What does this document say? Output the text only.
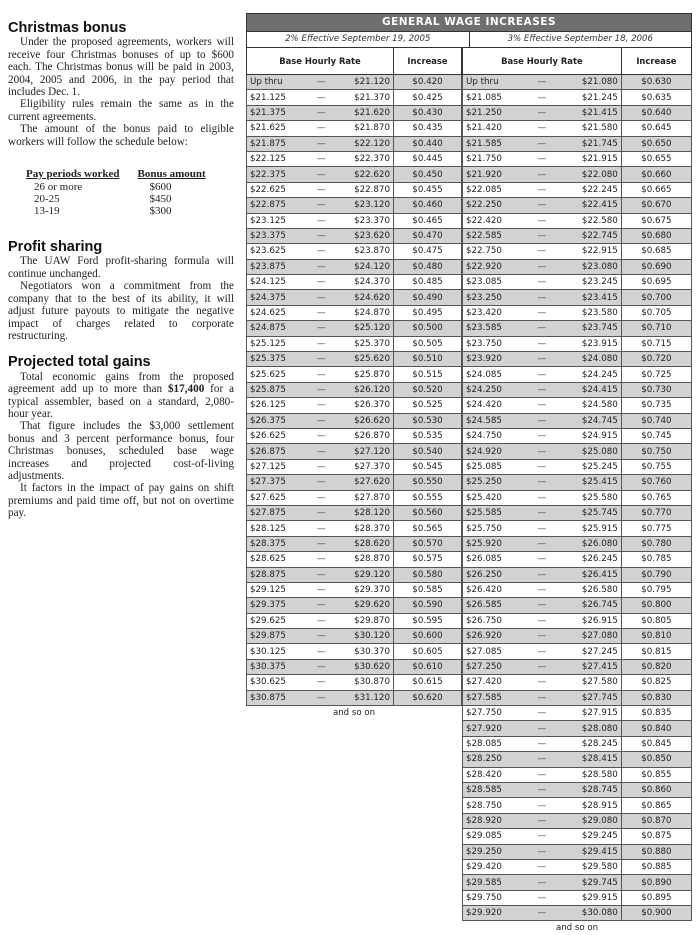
Christmas bonus

Under the proposed agreements, workers will receive four Christmas bonuses of up to $600 each. The Christmas bonus will be paid in 2003, 2004, 2005 and 2006, in the pay period that includes Dec. 1.

Eligibility rules remain the same as in the current agreements.

The amount of the bonus paid to eligible workers will follow the schedule below:

Pay periods worked	Bonus amount
26 or more	$600
20-25	$450
13-19	$300
Profit sharing

The UAW Ford profit-sharing formula will continue unchanged.

Negotiators won a commitment from the company that to the best of its ability, it will adjust future payouts to mitigate the negative impact of charges related to corporate restructuring.

Projected total gains

Total economic gains from the proposed agreement add up to more than $17,400 for a typical assembler, based on a standard, 2,080-hour year.

That figure includes the $3,000 settlement bonus and 3 percent performance bonus, four Christmas bonuses, scheduled base wage increases and projected cost-of-living adjustments.

It factors in the impact of pay gains on shift premiums and paid time off, but not on overtime pay.

GENERAL WAGE INCREASES
2% Effective September 19, 2005	3% Effective September 18, 2006
Base Hourly Rate			Increase
Up thru	—	$21.120	$0.420
$21.125	—	$21.370	$0.425
$21.375	—	$21.620	$0.430
$21.625	—	$21.870	$0.435
$21.875	—	$22.120	$0.440
$22.125	—	$22.370	$0.445
$22.375	—	$22.620	$0.450
$22.625	—	$22.870	$0.455
$22.875	—	$23.120	$0.460
$23.125	—	$23.370	$0.465
$23.375	—	$23.620	$0.470
$23.625	—	$23.870	$0.475
$23.875	—	$24.120	$0.480
$24.125	—	$24.370	$0.485
$24.375	—	$24.620	$0.490
$24.625	—	$24.870	$0.495
$24.875	—	$25.120	$0.500
$25.125	—	$25.370	$0.505
$25.375	—	$25.620	$0.510
$25.625	—	$25.870	$0.515
$25.875	—	$26.120	$0.520
$26.125	—	$26.370	$0.525
$26.375	—	$26.620	$0.530
$26.625	—	$26.870	$0.535
$26.875	—	$27.120	$0.540
$27.125	—	$27.370	$0.545
$27.375	—	$27.620	$0.550
$27.625	—	$27.870	$0.555
$27.875	—	$28.120	$0.560
$28.125	—	$28.370	$0.565
$28.375	—	$28.620	$0.570
$28.625	—	$28.870	$0.575
$28.875	—	$29.120	$0.580
$29.125	—	$29.370	$0.585
$29.375	—	$29.620	$0.590
$29.625	—	$29.870	$0.595
$29.875	—	$30.120	$0.600
$30.125	—	$30.370	$0.605
$30.375	—	$30.620	$0.610
$30.625	—	$30.870	$0.615
$30.875	—	$31.120	$0.620
and so on
Base Hourly Rate			Increase
Up thru	—	$21.080	$0.630
$21.085	—	$21.245	$0.635
$21.250	—	$21.415	$0.640
$21.420	—	$21.580	$0.645
$21.585	—	$21.745	$0.650
$21.750	—	$21.915	$0.655
$21.920	—	$22.080	$0.660
$22.085	—	$22.245	$0.665
$22.250	—	$22.415	$0.670
$22.420	—	$22.580	$0.675
$22.585	—	$22.745	$0.680
$22.750	—	$22.915	$0.685
$22.920	—	$23.080	$0.690
$23.085	—	$23.245	$0.695
$23.250	—	$23.415	$0.700
$23.420	—	$23.580	$0.705
$23.585	—	$23.745	$0.710
$23.750	—	$23.915	$0.715
$23.920	—	$24.080	$0.720
$24.085	—	$24.245	$0.725
$24.250	—	$24.415	$0.730
$24.420	—	$24.580	$0.735
$24.585	—	$24.745	$0.740
$24.750	—	$24.915	$0.745
$24.920	—	$25.080	$0.750
$25.085	—	$25.245	$0.755
$25.250	—	$25.415	$0.760
$25.420	—	$25.580	$0.765
$25.585	—	$25.745	$0.770
$25.750	—	$25.915	$0.775
$25.920	—	$26.080	$0.780
$26.085	—	$26.245	$0.785
$26.250	—	$26.415	$0.790
$26.420	—	$26.580	$0.795
$26.585	—	$26.745	$0.800
$26.750	—	$26.915	$0.805
$26.920	—	$27.080	$0.810
$27.085	—	$27.245	$0.815
$27.250	—	$27.415	$0.820
$27.420	—	$27.580	$0.825
$27.585	—	$27.745	$0.830
$27.750	—	$27.915	$0.835
$27.920	—	$28.080	$0.840
$28.085	—	$28.245	$0.845
$28.250	—	$28.415	$0.850
$28.420	—	$28.580	$0.855
$28.585	—	$28.745	$0.860
$28.750	—	$28.915	$0.865
$28.920	—	$29.080	$0.870
$29.085	—	$29.245	$0.875
$29.250	—	$29.415	$0.880
$29.420	—	$29.580	$0.885
$29.585	—	$29.745	$0.890
$29.750	—	$29.915	$0.895
$29.920	—	$30.080	$0.900
and so on
